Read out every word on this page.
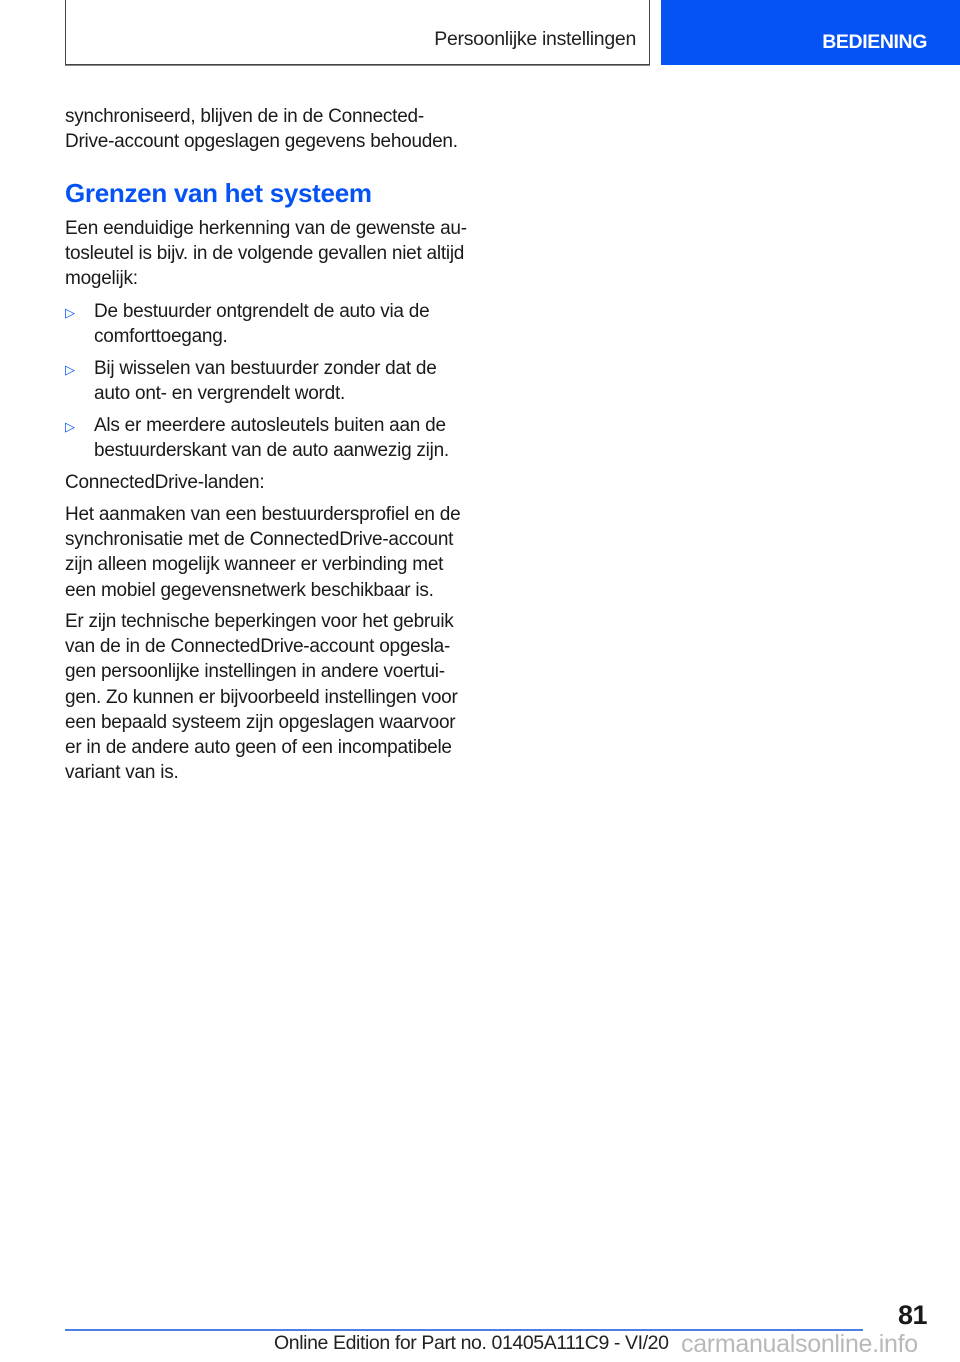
Persoonlijke instellingen	BEDIENING
synchroniseerd, blijven de in de Connected-
Drive-account opgeslagen gegevens behouden.
Grenzen van het systeem
Een eenduidige herkenning van de gewenste au-
tosleutel is bijv. in de volgende gevallen niet altijd
mogelijk:
▷ De bestuurder ontgrendelt de auto via de
comforttoegang.
▷ Bij wisselen van bestuurder zonder dat de
auto ont- en vergrendelt wordt.
▷ Als er meerdere autosleutels buiten aan de
bestuurderskant van de auto aanwezig zijn.
ConnectedDrive-landen:
Het aanmaken van een bestuurdersprofiel en de
synchronisatie met de ConnectedDrive-account
zijn alleen mogelijk wanneer er verbinding met
een mobiel gegevensnetwerk beschikbaar is.
Er zijn technische beperkingen voor het gebruik
van de in de ConnectedDrive-account opgesla-
gen persoonlijke instellingen in andere voertui-
gen. Zo kunnen er bijvoorbeeld instellingen voor
een bepaald systeem zijn opgeslagen waarvoor
er in de andere auto geen of een incompatibele
variant van is.
81
Online Edition for Part no. 01405A111C9 - VI/20 carmanualsonline.info
